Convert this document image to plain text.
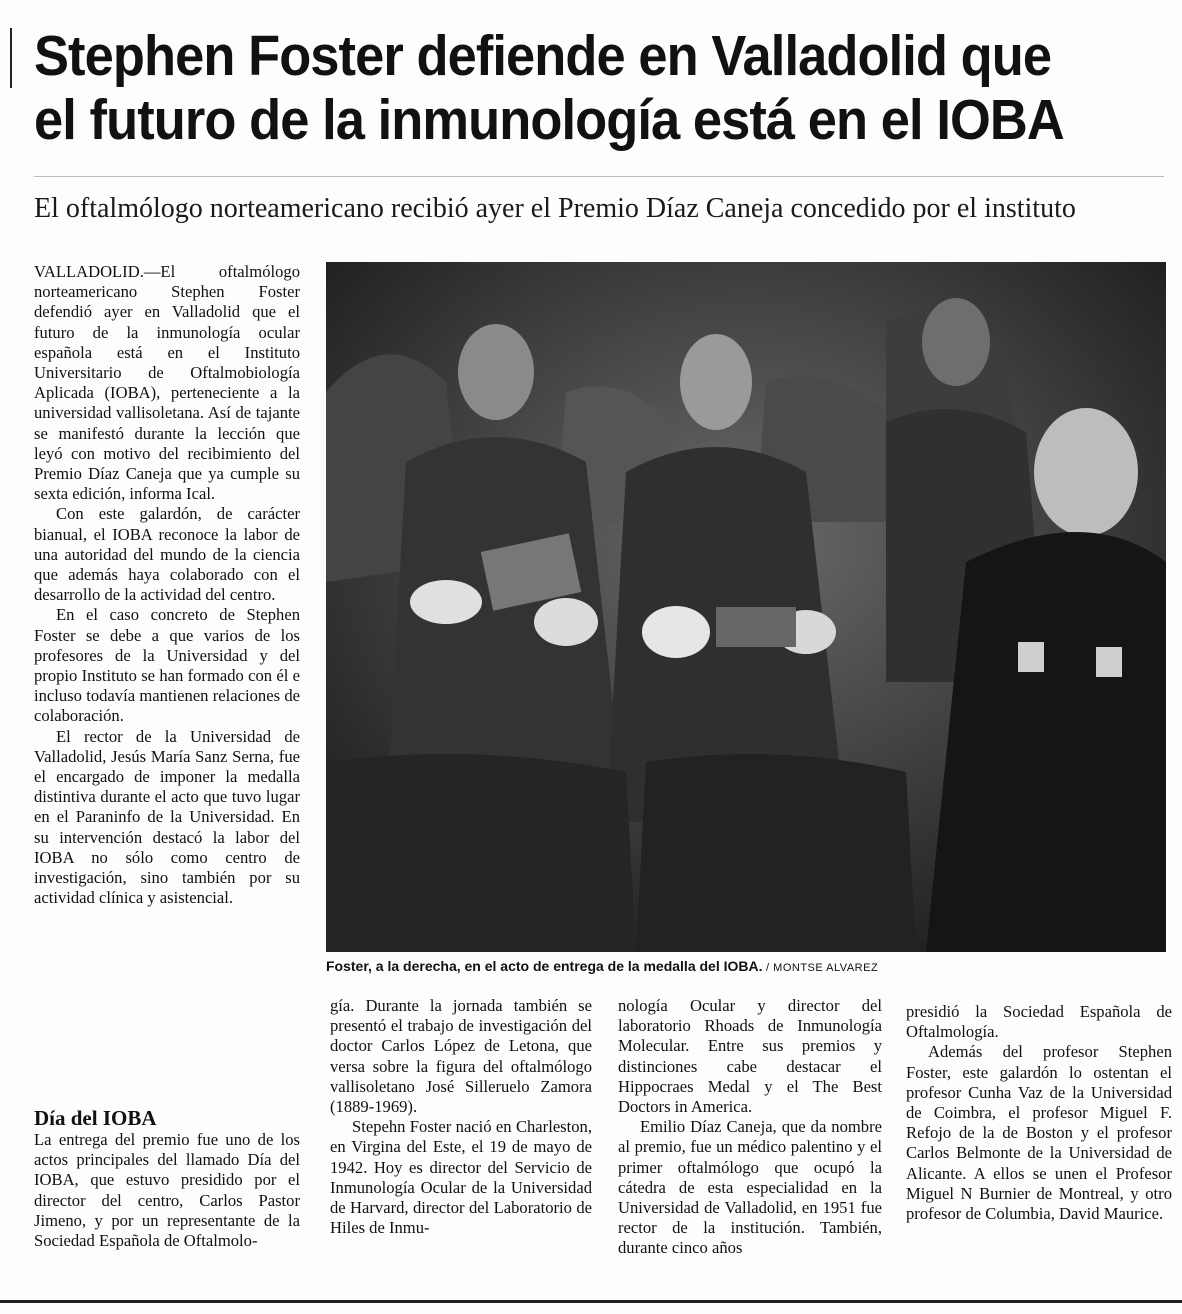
Stephen Foster defiende en Valladolid que
el futuro de la inmunología está en el IOBA

El oftalmólogo norteamericano recibió ayer el Premio Díaz Caneja concedido por el instituto

VALLADOLID.—El oftalmólogo norteamericano Stephen Foster defendió ayer en Valladolid que el futuro de la inmunología ocular española está en el Instituto Universitario de Oftalmobiología Aplicada (IOBA), perteneciente a la universidad vallisoletana. Así de tajante se manifestó durante la lección que leyó con motivo del recibimiento del Premio Díaz Caneja que ya cumple su sexta edición, informa Ical.

Con este galardón, de carácter bianual, el IOBA reconoce la labor de una autoridad del mundo de la ciencia que además haya colaborado con el desarrollo de la actividad del centro.

En el caso concreto de Stephen Foster se debe a que varios de los profesores de la Universidad y del propio Instituto se han formado con él e incluso todavía mantienen relaciones de colaboración.

El rector de la Universidad de Valladolid, Jesús María Sanz Serna, fue el encargado de imponer la medalla distintiva durante el acto que tuvo lugar en el Paraninfo de la Universidad. En su intervención destacó la labor del IOBA no sólo como centro de investigación, sino también por su actividad clínica y asistencial.

Día del IOBA

La entrega del premio fue uno de los actos principales del llamado Día del IOBA, que estuvo presidido por el director del centro, Carlos Pastor Jimeno, y por un representante de la Sociedad Española de Oftalmolo-

Foster, a la derecha, en el acto de entrega de la medalla del IOBA. / MONTSE ALVAREZ

gía. Durante la jornada también se presentó el trabajo de investigación del doctor Carlos López de Letona, que versa sobre la figura del oftalmólogo vallisoletano José Silleruelo Zamora (1889-1969).

Stepehn Foster nació en Charleston, en Virgina del Este, el 19 de mayo de 1942. Hoy es director del Servicio de Inmunología Ocular de la Universidad de Harvard, director del Laboratorio de Hiles de Inmu-

nología Ocular y director del laboratorio Rhoads de Inmunología Molecular. Entre sus premios y distinciones cabe destacar el Hippocraes Medal y el The Best Doctors in America.

Emilio Díaz Caneja, que da nombre al premio, fue un médico palentino y el primer oftalmólogo que ocupó la cátedra de esta especialidad en la Universidad de Valladolid, en 1951 fue rector de la institución. También, durante cinco años

presidió la Sociedad Española de Oftalmología.

Además del profesor Stephen Foster, este galardón lo ostentan el profesor Cunha Vaz de la Universidad de Coimbra, el profesor Miguel F. Refojo de la de Boston y el profesor Carlos Belmonte de la Universidad de Alicante. A ellos se unen el Profesor Miguel N Burnier de Montreal, y otro profesor de Columbia, David Maurice.
